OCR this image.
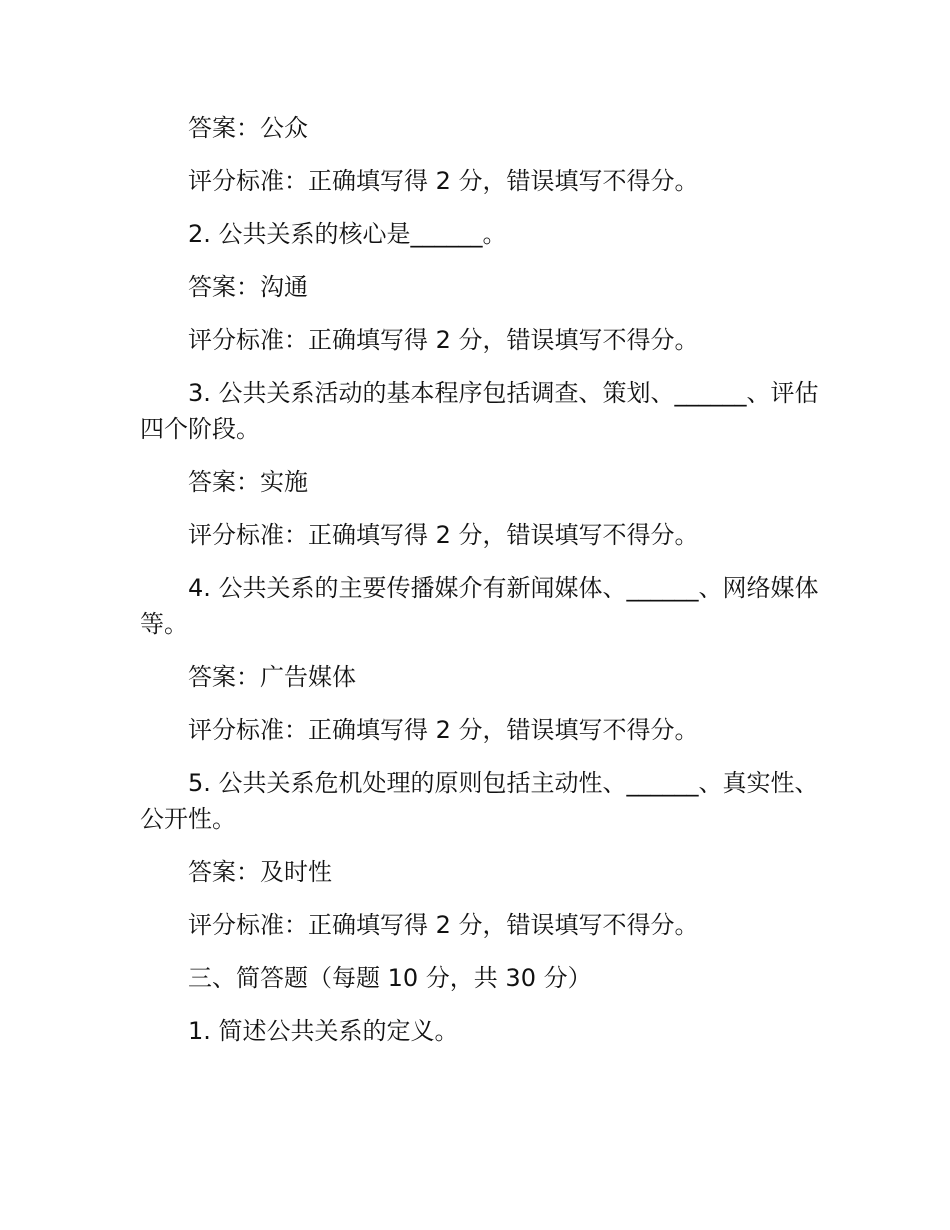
答案：公众

评分标准：正确填写得 2 分，错误填写不得分。

2. 公共关系的核心是______。

答案：沟通

评分标准：正确填写得 2 分，错误填写不得分。

3. 公共关系活动的基本程序包括调查、策划、______、评估四个阶段。

答案：实施

评分标准：正确填写得 2 分，错误填写不得分。

4. 公共关系的主要传播媒介有新闻媒体、______、网络媒体等。

答案：广告媒体

评分标准：正确填写得 2 分，错误填写不得分。

5. 公共关系危机处理的原则包括主动性、______、真实性、公开性。

答案：及时性

评分标准：正确填写得 2 分，错误填写不得分。

三、简答题（每题 10 分，共 30 分）

1. 简述公共关系的定义。
